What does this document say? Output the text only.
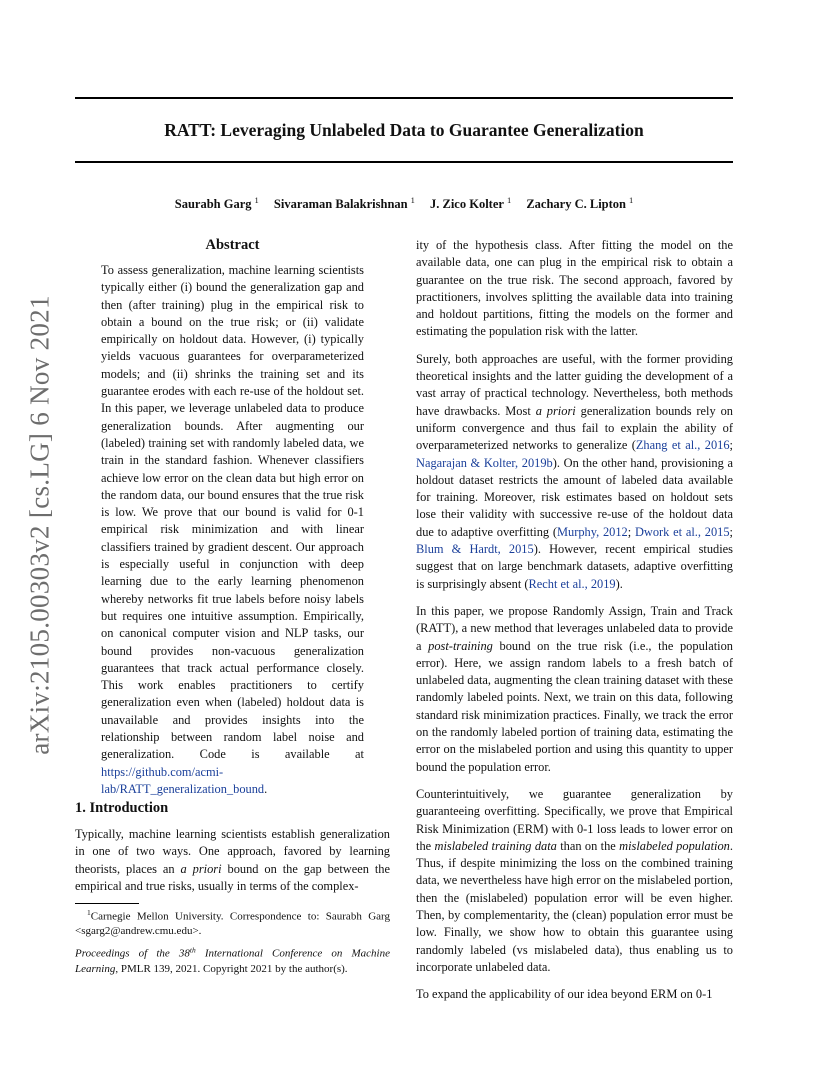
RATT: Leveraging Unlabeled Data to Guarantee Generalization
Saurabh Garg $^1$ Sivaraman Balakrishnan $^1$ J. Zico Kolter $^1$ Zachary C. Lipton $^1$
arXiv:2105.00303v2 [cs.LG] 6 Nov 2021
Abstract

To assess generalization, machine learning scientists typically either (i) bound the generalization gap and then (after training) plug in the empirical risk to obtain a bound on the true risk; or (ii) validate empirically on holdout data. However, (i) typically yields vacuous guarantees for overparameterized models; and (ii) shrinks the training set and its guarantee erodes with each re-use of the holdout set. In this paper, we leverage unlabeled data to produce generalization bounds. After augmenting our (labeled) training set with randomly labeled data, we train in the standard fashion. Whenever classifiers achieve low error on the clean data but high error on the random data, our bound ensures that the true risk is low. We prove that our bound is valid for 0-1 empirical risk minimization and with linear classifiers trained by gradient descent. Our approach is especially useful in conjunction with deep learning due to the early learning phenomenon whereby networks fit true labels before noisy labels but requires one intuitive assumption. Empirically, on canonical computer vision and NLP tasks, our bound provides non-vacuous generalization guarantees that track actual performance closely. This work enables practitioners to certify generalization even when (labeled) holdout data is unavailable and provides insights into the relationship between random label noise and generalization. Code is available at https://github.com/acmi-lab/RATT_generalization_bound.

1. Introduction

Typically, machine learning scientists establish generalization in one of two ways. One approach, favored by learning theorists, places an a priori bound on the gap between the empirical and true risks, usually in terms of the complex-

$^1$Carnegie Mellon University. Correspondence to: Saurabh Garg <sgarg2@andrew.cmu.edu>.

Proceedings of the 38th International Conference on Machine Learning, PMLR 139, 2021. Copyright 2021 by the author(s).

ity of the hypothesis class. After fitting the model on the available data, one can plug in the empirical risk to obtain a guarantee on the true risk. The second approach, favored by practitioners, involves splitting the available data into training and holdout partitions, fitting the models on the former and estimating the population risk with the latter.

Surely, both approaches are useful, with the former providing theoretical insights and the latter guiding the development of a vast array of practical technology. Nevertheless, both methods have drawbacks. Most a priori generalization bounds rely on uniform convergence and thus fail to explain the ability of overparameterized networks to generalize (Zhang et al., 2016; Nagarajan & Kolter, 2019b). On the other hand, provisioning a holdout dataset restricts the amount of labeled data available for training. Moreover, risk estimates based on holdout sets lose their validity with successive re-use of the holdout data due to adaptive overfitting (Murphy, 2012; Dwork et al., 2015; Blum & Hardt, 2015). However, recent empirical studies suggest that on large benchmark datasets, adaptive overfitting is surprisingly absent (Recht et al., 2019).

In this paper, we propose Randomly Assign, Train and Track (RATT), a new method that leverages unlabeled data to provide a post-training bound on the true risk (i.e., the population error). Here, we assign random labels to a fresh batch of unlabeled data, augmenting the clean training dataset with these randomly labeled points. Next, we train on this data, following standard risk minimization practices. Finally, we track the error on the randomly labeled portion of training data, estimating the error on the mislabeled portion and using this quantity to upper bound the population error.

Counterintuitively, we guarantee generalization by guaranteeing overfitting. Specifically, we prove that Empirical Risk Minimization (ERM) with 0-1 loss leads to lower error on the mislabeled training data than on the mislabeled population. Thus, if despite minimizing the loss on the combined training data, we nevertheless have high error on the mislabeled portion, then the (mislabeled) population error will be even higher. Then, by complementarity, the (clean) population error must be low. Finally, we show how to obtain this guarantee using randomly labeled (vs mislabeled data), thus enabling us to incorporate unlabeled data.

To expand the applicability of our idea beyond ERM on 0-1
